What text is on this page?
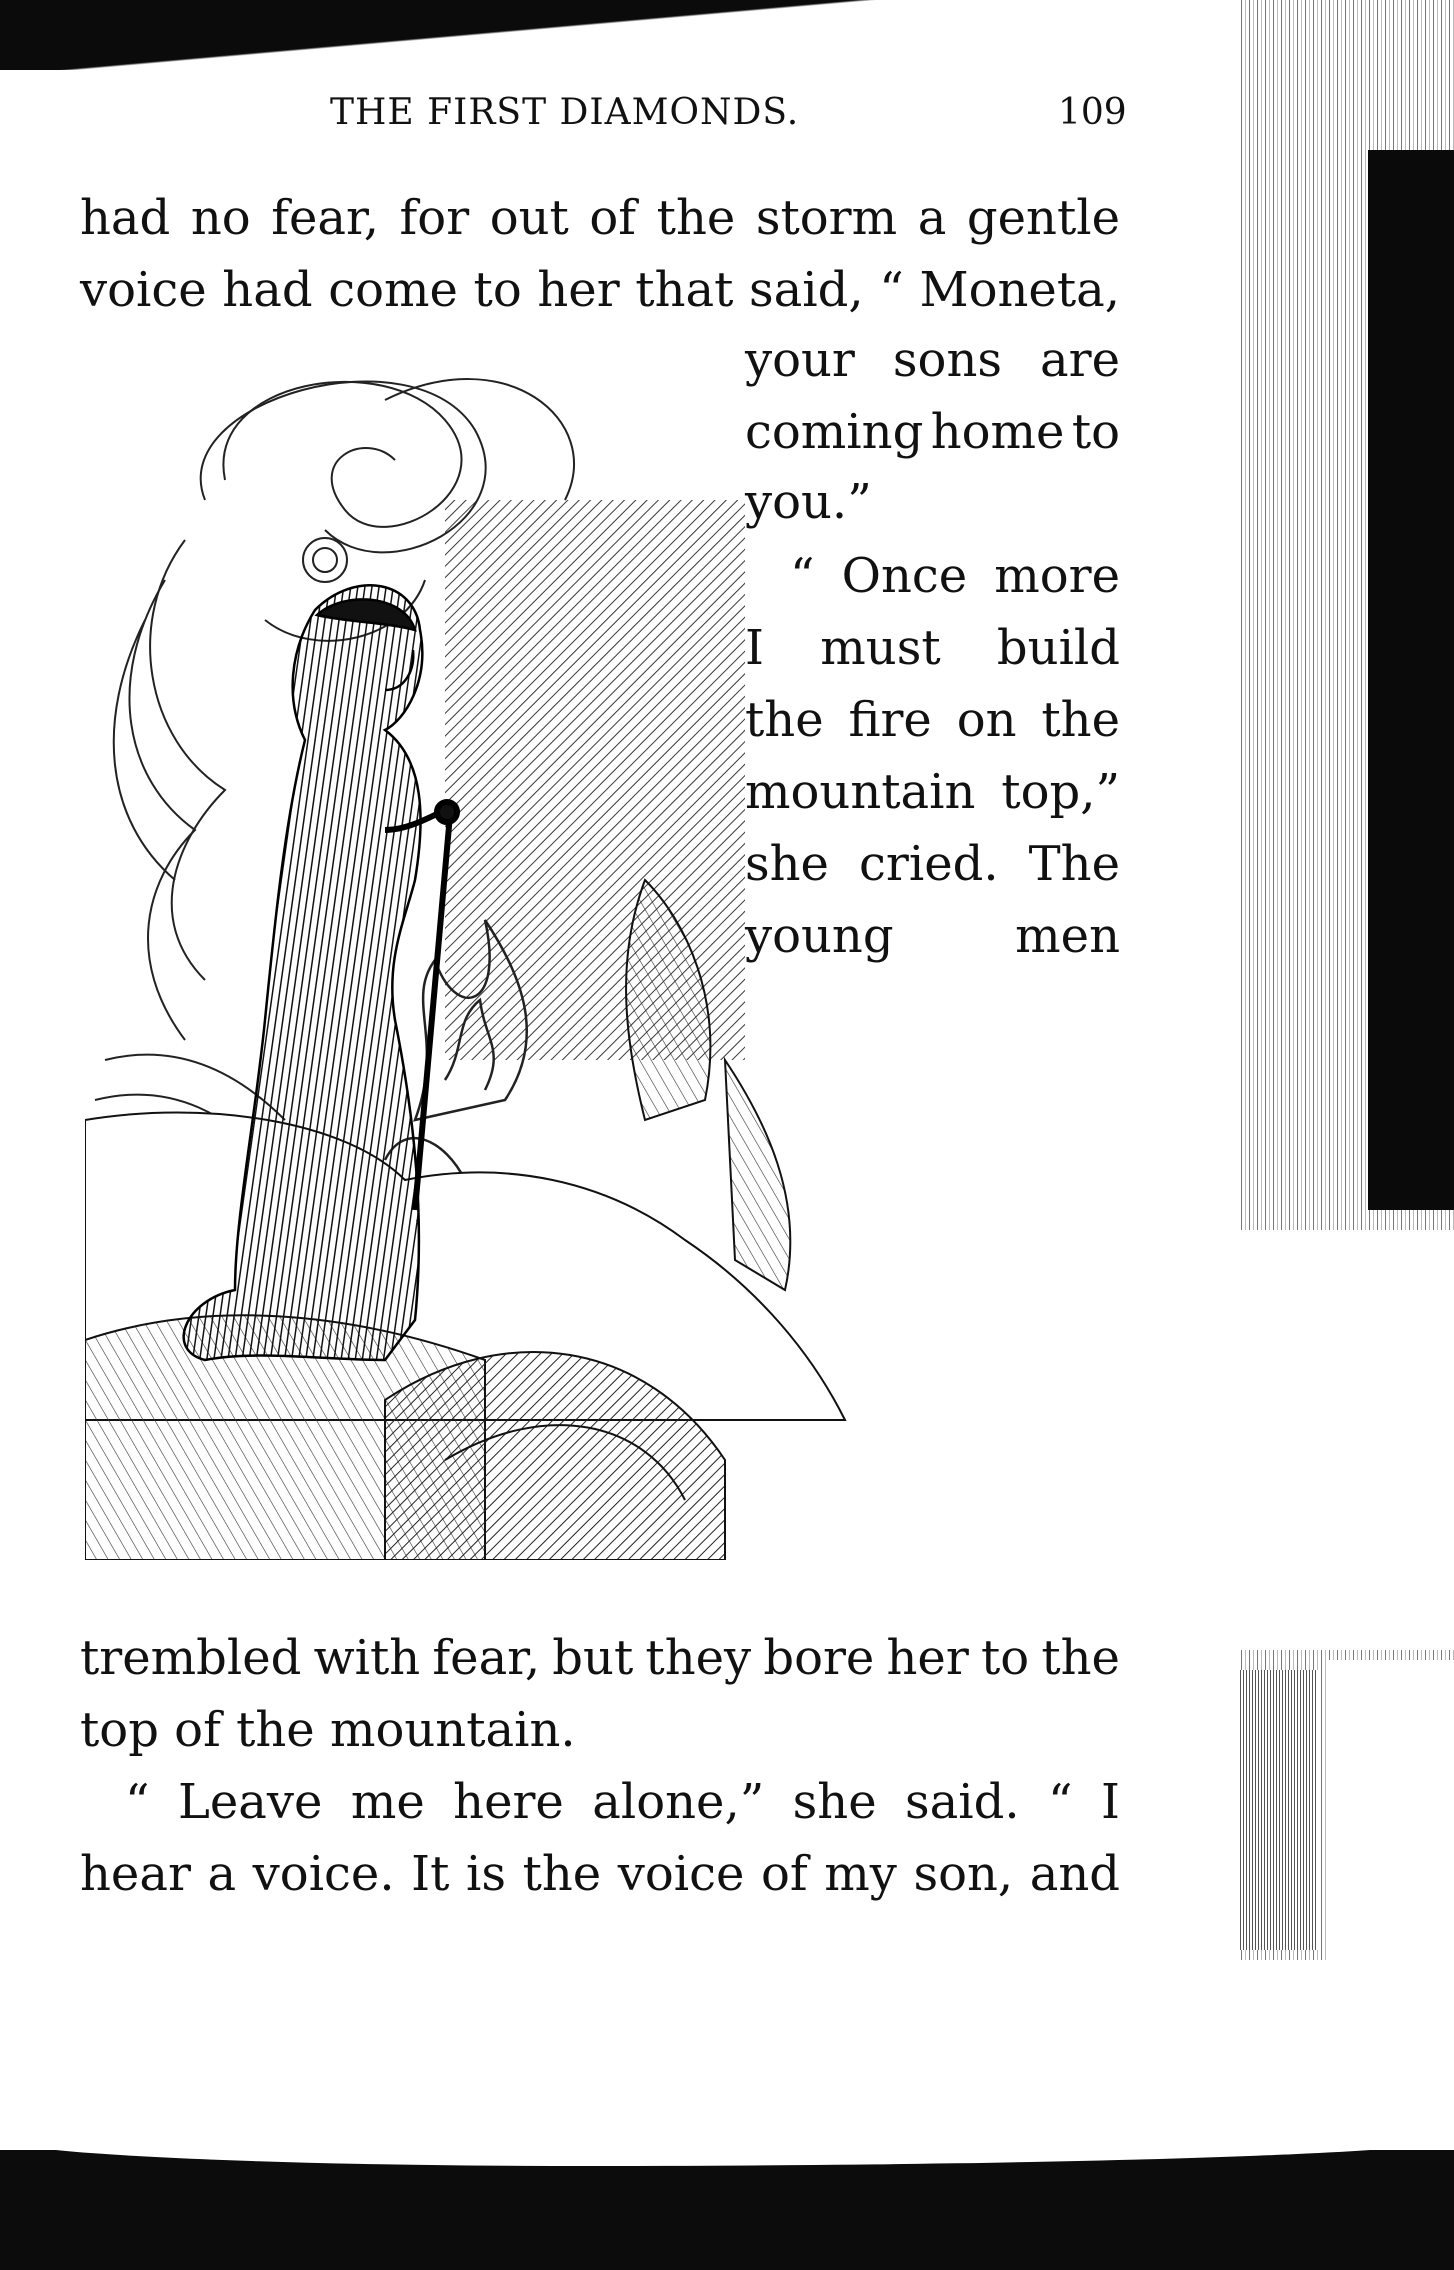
THE FIRST DIAMONDS.	109
had no fear, for out of the storm a gentle
voice had come to her that said, “ Moneta,
your sons are
coming home to
you.”
“ Once more
I must build
the fire on the
mountain top,”
she cried. The
young	men
trembled with fear, but they bore her to the
top of the mountain.
“ Leave me here alone,” she said. “ I
hear a voice. It is the voice of my son, and
